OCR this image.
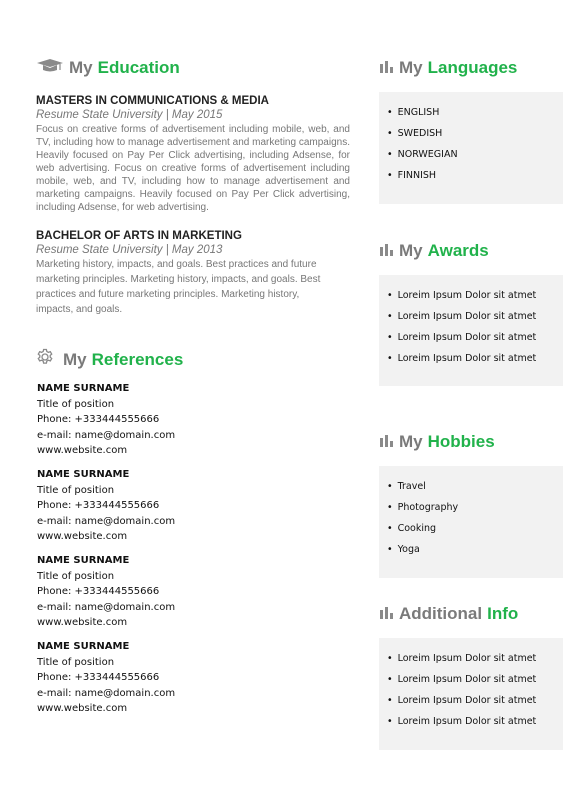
My Education
MASTERS IN COMMUNICATIONS & MEDIA
Resume State University | May 2015
Focus on creative forms of advertisement including mobile, web, and TV, including how to manage advertisement and marketing campaigns. Heavily focused on Pay Per Click advertising, including Adsense, for web advertising. Focus on creative forms of advertisement including mobile, web, and TV, including how to manage advertisement and marketing campaigns. Heavily focused on Pay Per Click advertising, including Adsense, for web advertising.
BACHELOR OF ARTS IN MARKETING
Resume State University | May 2013
Marketing history, impacts, and goals. Best practices and future marketing principles. Marketing history, impacts, and goals. Best practices and future marketing principles. Marketing history, impacts, and goals.
My References
NAME SURNAME
Title of position
Phone: +333444555666
e-mail: name@domain.com
www.website.com
NAME SURNAME
Title of position
Phone: +333444555666
e-mail: name@domain.com
www.website.com
NAME SURNAME
Title of position
Phone: +333444555666
e-mail: name@domain.com
www.website.com
NAME SURNAME
Title of position
Phone: +333444555666
e-mail: name@domain.com
www.website.com
My Languages
• ENGLISH
• SWEDISH
• NORWEGIAN
• FINNISH
My Awards
• Loreim Ipsum Dolor sit atmet
• Loreim Ipsum Dolor sit atmet
• Loreim Ipsum Dolor sit atmet
• Loreim Ipsum Dolor sit atmet
My Hobbies
• Travel
• Photography
• Cooking
• Yoga
Additional Info
• Loreim Ipsum Dolor sit atmet
• Loreim Ipsum Dolor sit atmet
• Loreim Ipsum Dolor sit atmet
• Loreim Ipsum Dolor sit atmet
